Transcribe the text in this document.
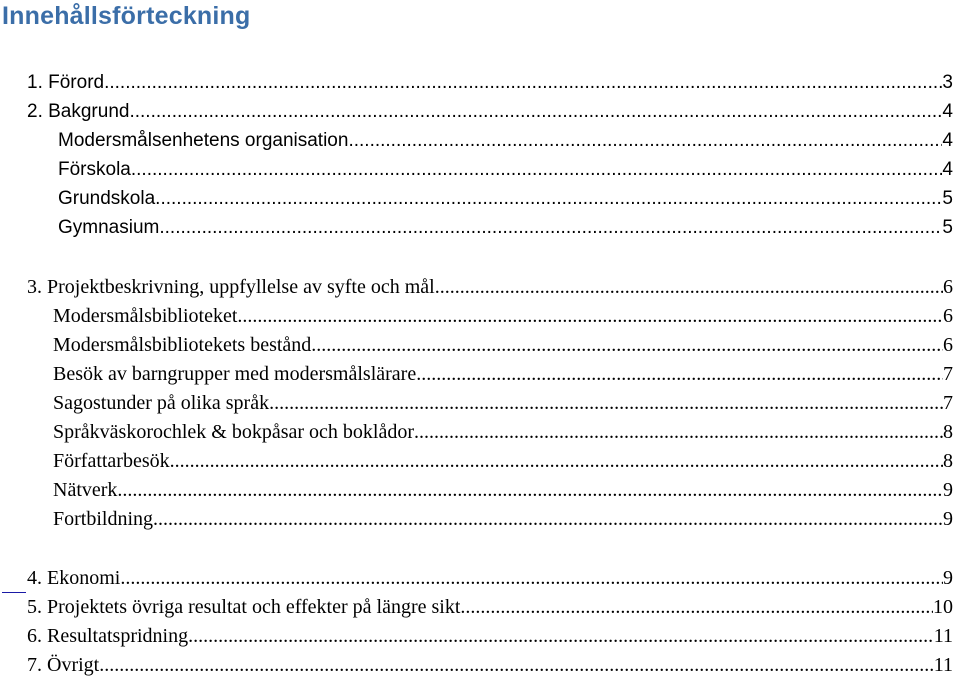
Innehållsförteckning
1. Förord .....	3
2. Bakgrund .....	4
Modersmålsenhetens organisation. .....	4
Förskola. .....	4
Grundskola. .....	5
Gymnasium. .....	5
3. Projektbeskrivning, uppfyllelse av syfte och mål .....	6
Modersmålsbiblioteket .....	6
Modersmålsbibliotekets bestånd .....	6
Besök av barngrupper med modersmålslärare .....	7
Sagostunder på olika språk .....	7
Språkväskorochlek & bokpåsar och boklådor .....	8
Författarbesök .....	8
Nätverk .....	9
Fortbildning .....	9
4. Ekonomi .....	9
5. Projektets övriga resultat och effekter på längre sikt .....	10
6. Resultatspridning .....	11
7. Övrigt .....	11
